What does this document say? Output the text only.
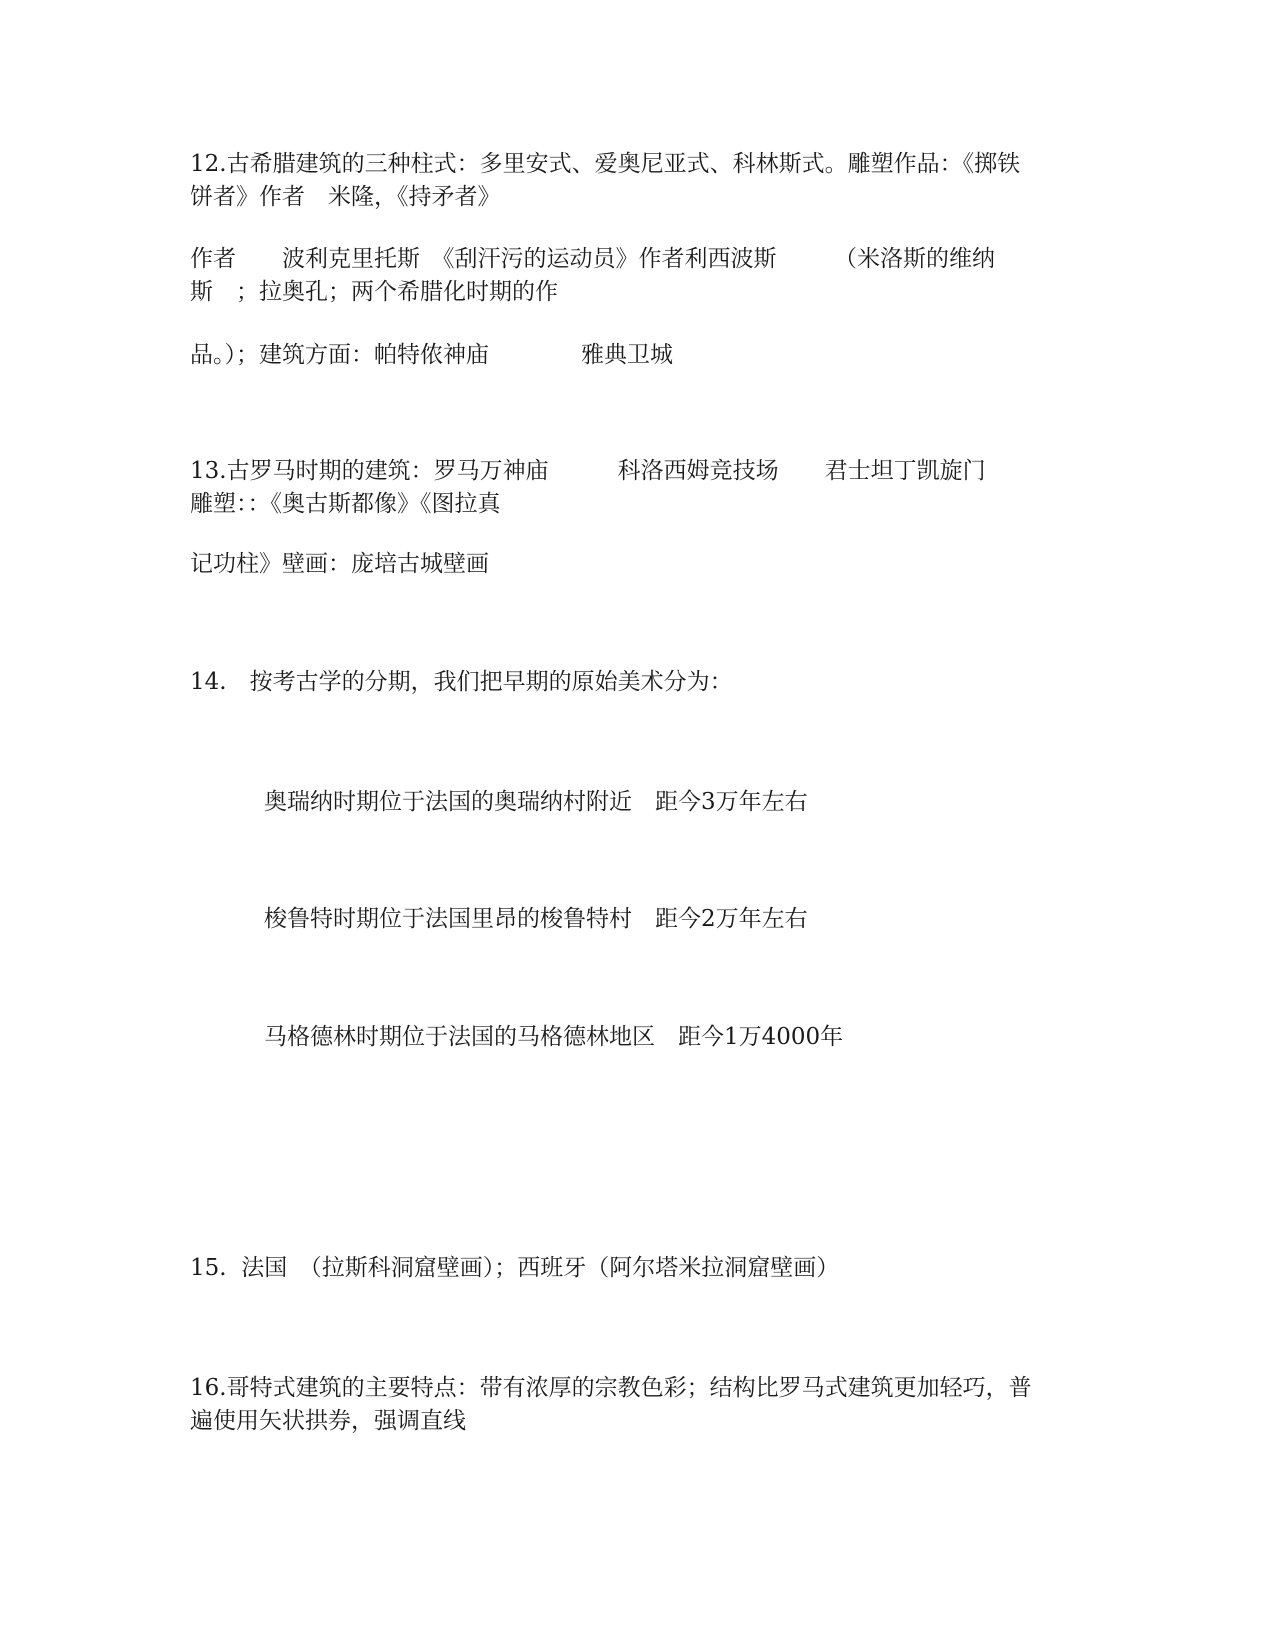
12.古希腊建筑的三种柱式：多里安式、爱奥尼亚式、科林斯式。雕塑作品：《掷铁

饼者》作者　米隆，《持矛者》

作者　　波利克里托斯　《刮汗污的运动员》作者利西波斯　　　（米洛斯的维纳

斯　；拉奥孔；两个希腊化时期的作

品。）；建筑方面：帕特侬神庙　　　　雅典卫城

13.古罗马时期的建筑：罗马万神庙　　　科洛西姆竞技场　　君士坦丁凯旋门

雕塑：：《奥古斯都像》《图拉真

记功柱》壁画：庞培古城壁画

14.　按考古学的分期，我们把早期的原始美术分为：

奥瑞纳时期位于法国的奥瑞纳村附近　距今3万年左右

梭鲁特时期位于法国里昂的梭鲁特村　距今2万年左右

马格德林时期位于法国的马格德林地区　距今1万4000年

15.  法国　（拉斯科洞窟壁画）；西班牙（阿尔塔米拉洞窟壁画）

16.哥特式建筑的主要特点：带有浓厚的宗教色彩；结构比罗马式建筑更加轻巧，普

遍使用矢状拱券，强调直线
